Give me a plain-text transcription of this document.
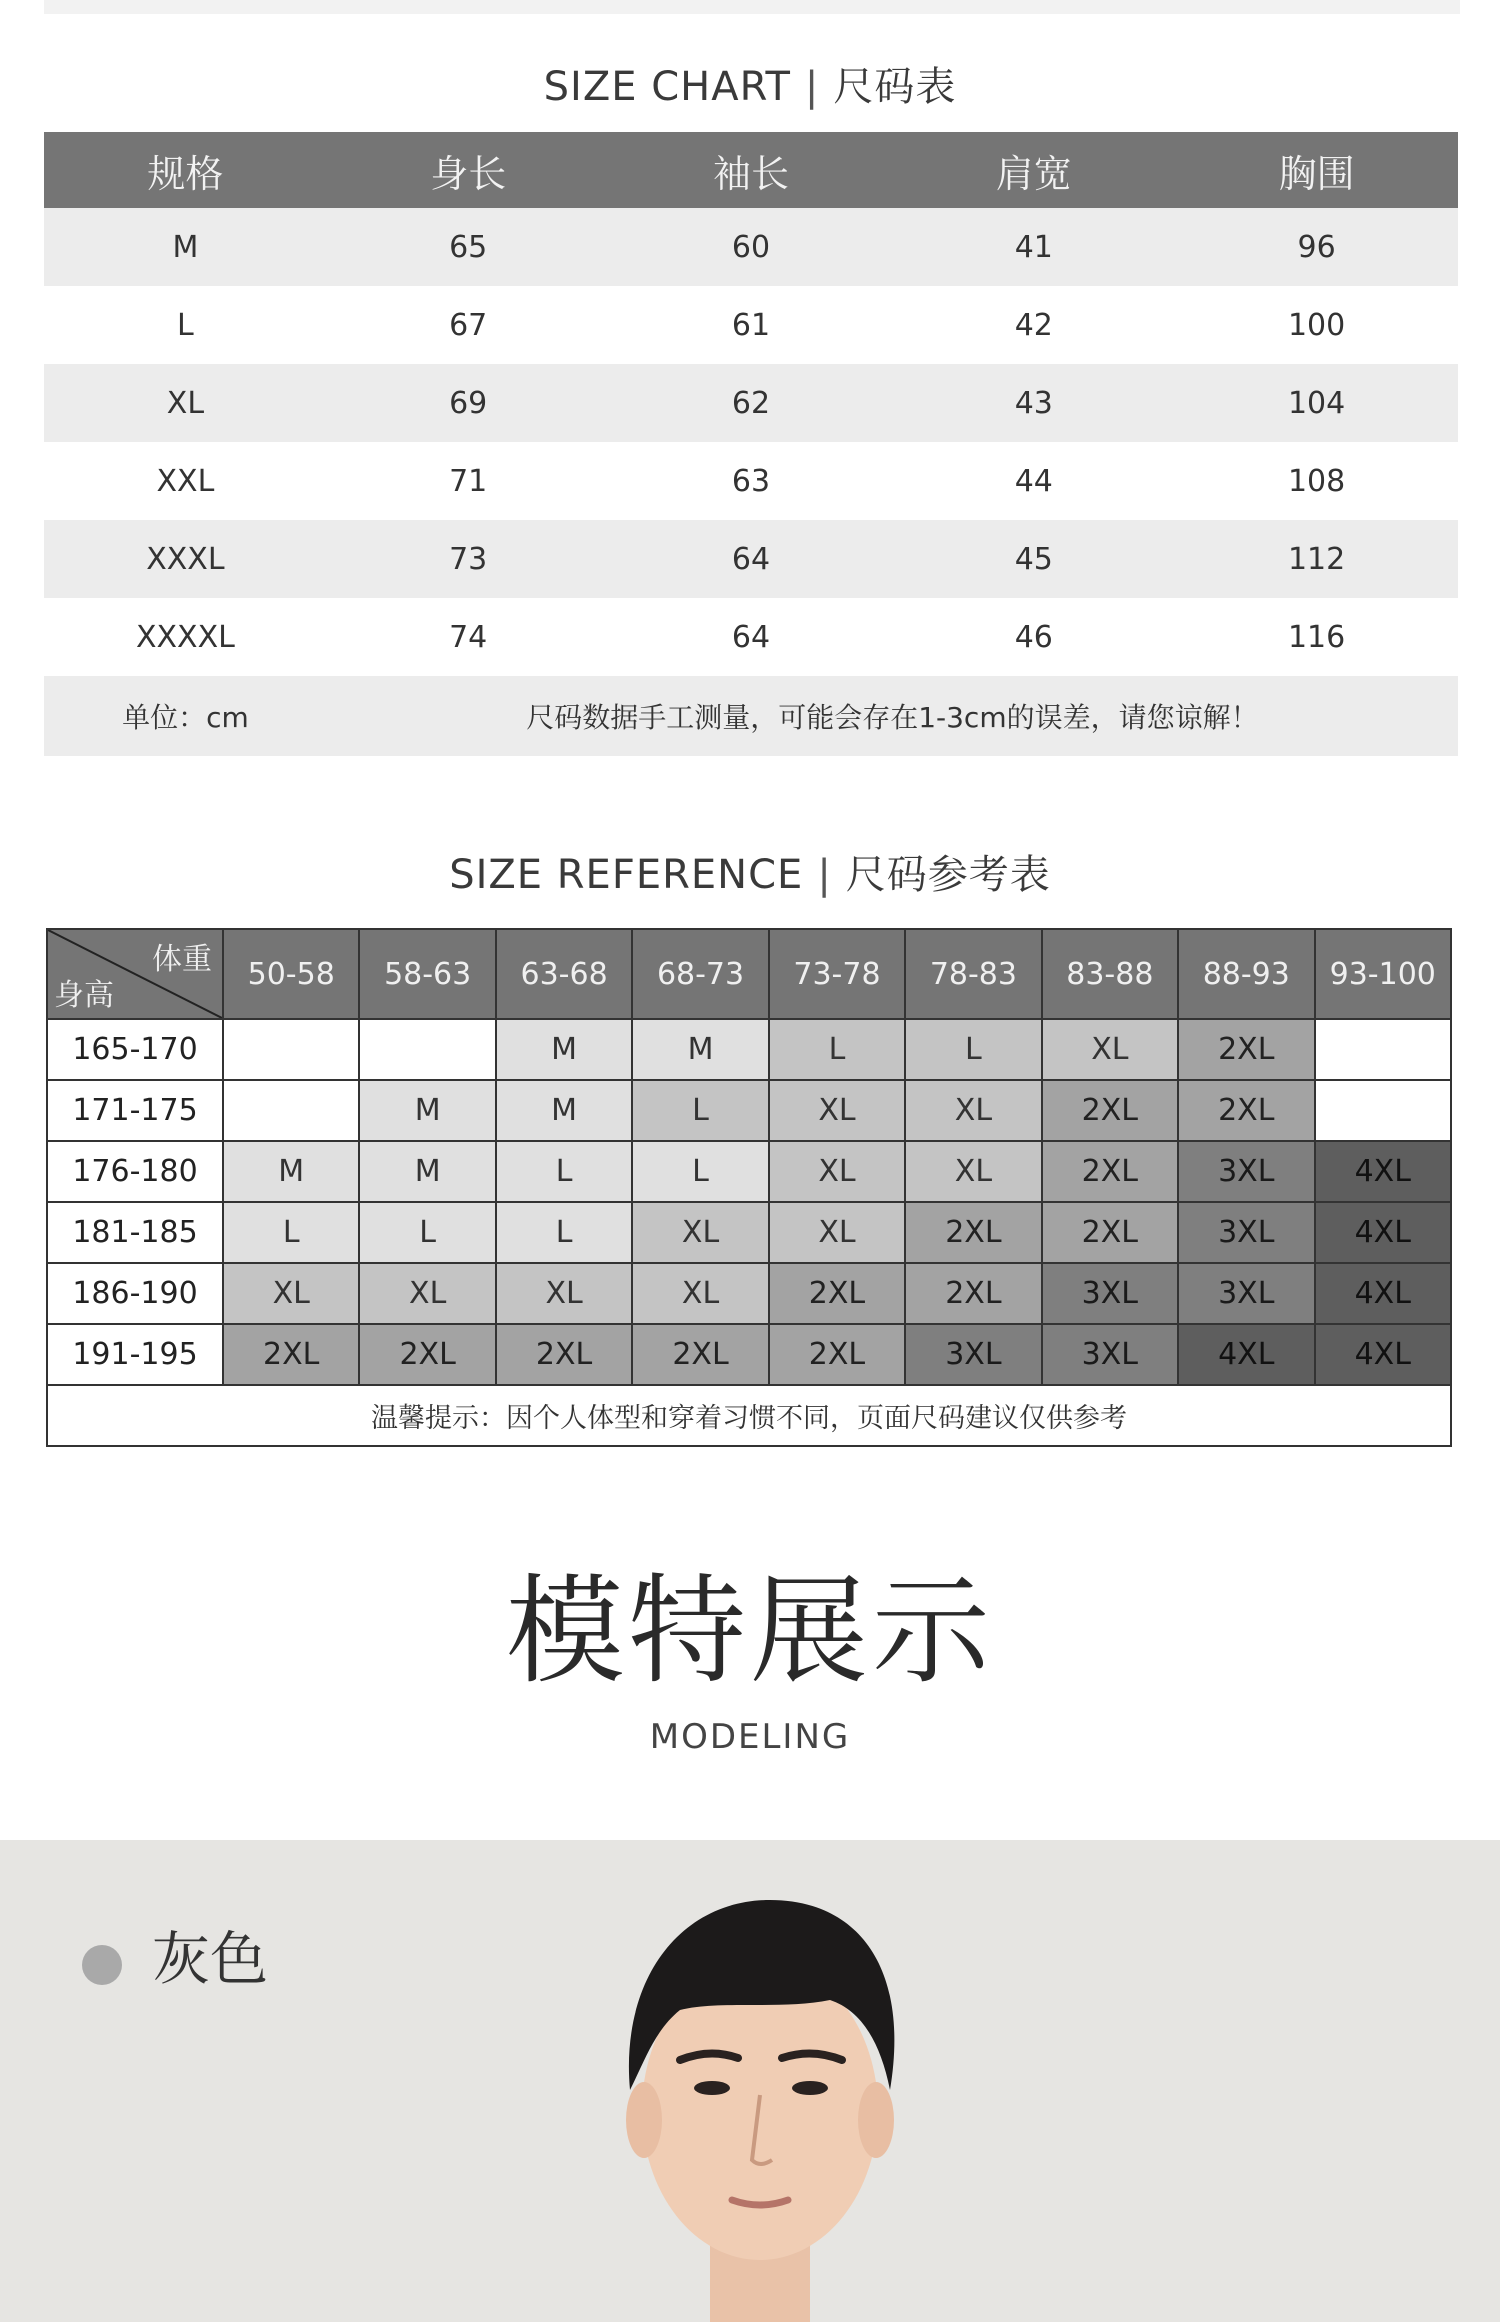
SIZE CHART | 尺码表
规格	身长	袖长	肩宽	胸围
M	65	60	41	96
L	67	61	42	100
XL	69	62	43	104
XXL	71	63	44	108
XXXL	73	64	45	112
XXXXL	74	64	46	116
单位：cm	尺码数据手工测量，可能会存在1-3cm的误差，请您谅解！			
SIZE REFERENCE | 尺码参考表
体重
身高	50-58	58-63	63-68	68-73	73-78	78-83	83-88	88-93	93-100
165-170			M	M	L	L	XL	2XL	
171-175		M	M	L	XL	XL	2XL	2XL	
176-180	M	M	L	L	XL	XL	2XL	3XL	4XL
181-185	L	L	L	XL	XL	2XL	2XL	3XL	4XL
186-190	XL	XL	XL	XL	2XL	2XL	3XL	3XL	4XL
191-195	2XL	2XL	2XL	2XL	2XL	3XL	3XL	4XL	4XL
温馨提示：因个人体型和穿着习惯不同，页面尺码建议仅供参考									
模特展示
MODELING
灰色
